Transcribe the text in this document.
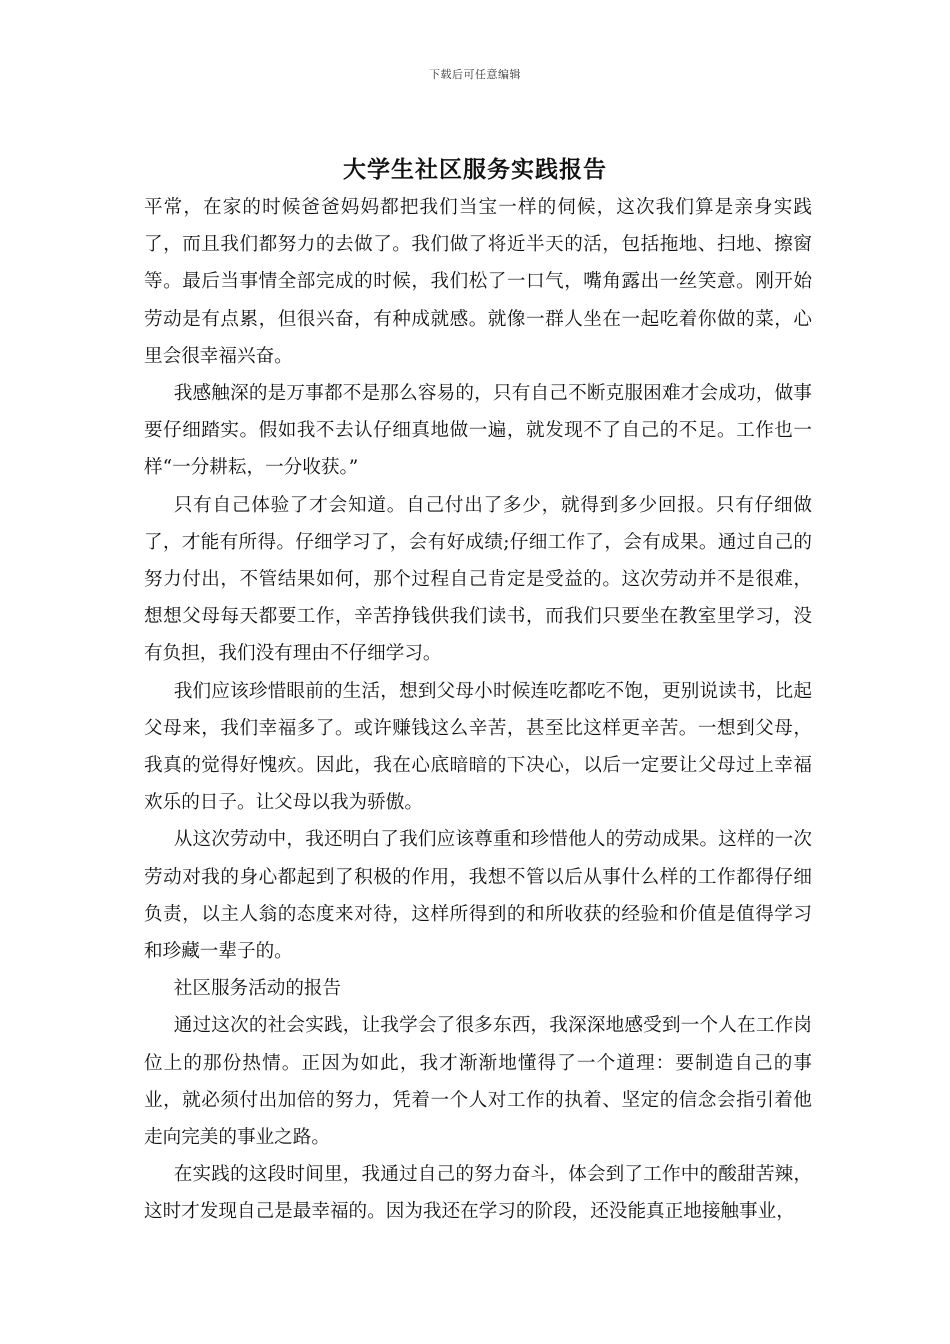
下载后可任意编辑
大学生社区服务实践报告

平常，在家的时候爸爸妈妈都把我们当宝一样的伺候，这次我们算是亲身实践了，而且我们都努力的去做了。我们做了将近半天的活，包括拖地、扫地、擦窗等。最后当事情全部完成的时候，我们松了一口气，嘴角露出一丝笑意。刚开始劳动是有点累，但很兴奋，有种成就感。就像一群人坐在一起吃着你做的菜，心里会很幸福兴奋。

我感触深的是万事都不是那么容易的，只有自己不断克服困难才会成功，做事要仔细踏实。假如我不去认仔细真地做一遍，就发现不了自己的不足。工作也一样“一分耕耘，一分收获。”

只有自己体验了才会知道。自己付出了多少，就得到多少回报。只有仔细做了，才能有所得。仔细学习了，会有好成绩;仔细工作了，会有成果。通过自己的努力付出，不管结果如何，那个过程自己肯定是受益的。这次劳动并不是很难，想想父母每天都要工作，辛苦挣钱供我们读书，而我们只要坐在教室里学习，没有负担，我们没有理由不仔细学习。

我们应该珍惜眼前的生活，想到父母小时候连吃都吃不饱，更别说读书，比起父母来，我们幸福多了。或许赚钱这么辛苦，甚至比这样更辛苦。一想到父母，我真的觉得好愧疚。因此，我在心底暗暗的下决心，以后一定要让父母过上幸福欢乐的日子。让父母以我为骄傲。

从这次劳动中，我还明白了我们应该尊重和珍惜他人的劳动成果。这样的一次劳动对我的身心都起到了积极的作用，我想不管以后从事什么样的工作都得仔细负责，以主人翁的态度来对待，这样所得到的和所收获的经验和价值是值得学习和珍藏一辈子的。

社区服务活动的报告

通过这次的社会实践，让我学会了很多东西，我深深地感受到一个人在工作岗位上的那份热情。正因为如此，我才渐渐地懂得了一个道理：要制造自己的事业，就必须付出加倍的努力，凭着一个人对工作的执着、坚定的信念会指引着他走向完美的事业之路。

在实践的这段时间里，我通过自己的努力奋斗，体会到了工作中的酸甜苦辣，这时才发现自己是最幸福的。因为我还在学习的阶段，还没能真正地接触事业，
